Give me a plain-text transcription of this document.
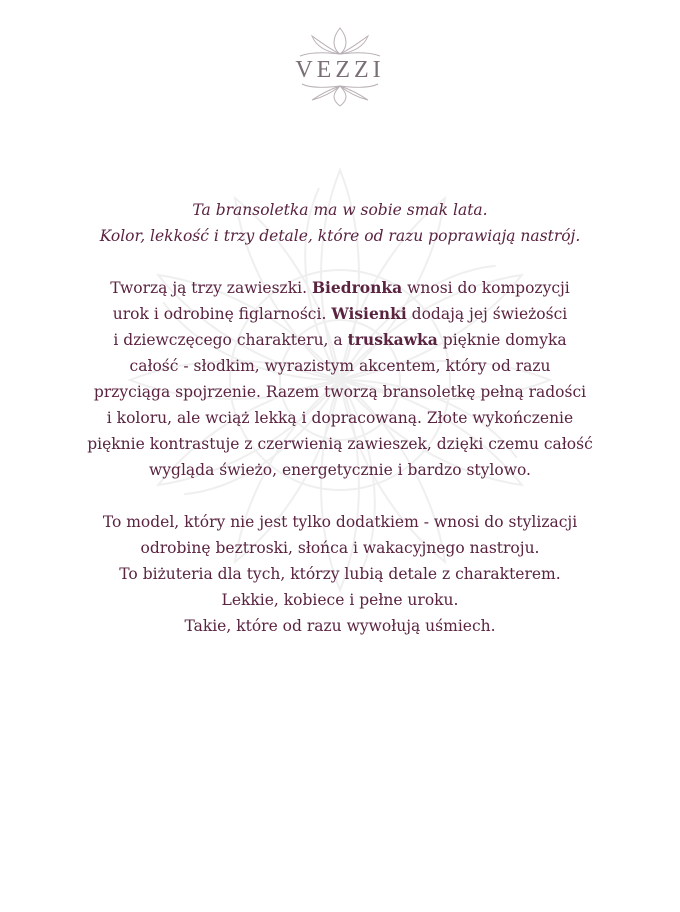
VEZZI
Ta bransoletka ma w sobie smak lata.
Kolor, lekkość i trzy detale, które od razu poprawiają nastrój.
Tworzą ją trzy zawieszki. Biedronka wnosi do kompozycji
urok i odrobinę figlarności. Wisienki dodają jej świeżości
i dziewczęcego charakteru, a truskawka pięknie domyka
całość - słodkim, wyrazistym akcentem, który od razu
przyciąga spojrzenie. Razem tworzą bransoletkę pełną radości
i koloru, ale wciąż lekką i dopracowaną. Złote wykończenie
pięknie kontrastuje z czerwienią zawieszek, dzięki czemu całość
wygląda świeżo, energetycznie i bardzo stylowo.
To model, który nie jest tylko dodatkiem - wnosi do stylizacji
odrobinę beztroski, słońca i wakacyjnego nastroju.
To biżuteria dla tych, którzy lubią detale z charakterem.
Lekkie, kobiece i pełne uroku.
Takie, które od razu wywołują uśmiech.
